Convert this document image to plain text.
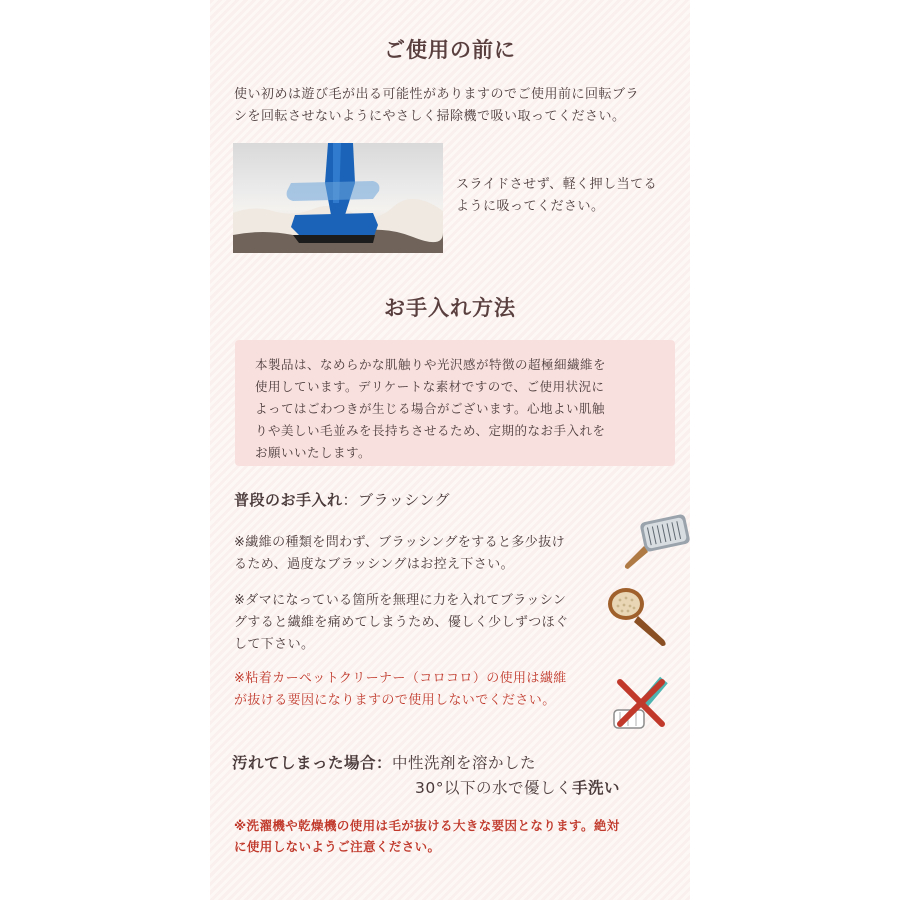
ご使用の前に
使い初めは遊び毛が出る可能性がありますのでご使用前に回転ブラ
シを回転させないようにやさしく掃除機で吸い取ってください。
スライドさせず、軽く押し当てる
ように吸ってください。
お手入れ方法
本製品は、なめらかな肌触りや光沢感が特徴の超極細繊維を
使用しています。デリケートな素材ですので、ご使用状況に
よってはごわつきが生じる場合がございます。心地よい肌触
りや美しい毛並みを長持ちさせるため、定期的なお手入れを
お願いいたします。
普段のお手入れ：ブラッシング
※繊維の種類を問わず、ブラッシングをすると多少抜け
るため、過度なブラッシングはお控え下さい。
※ダマになっている箇所を無理に力を入れてブラッシン
グすると繊維を痛めてしまうため、優しく少しずつほぐ
して下さい。
※粘着カーペットクリーナー（コロコロ）の使用は繊維
が抜ける要因になりますので使用しないでください。
汚れてしまった場合：中性洗剤を溶かした
30°以下の水で優しく手洗い
※洗濯機や乾燥機の使用は毛が抜ける大きな要因となります。絶対
に使用しないようご注意ください。
